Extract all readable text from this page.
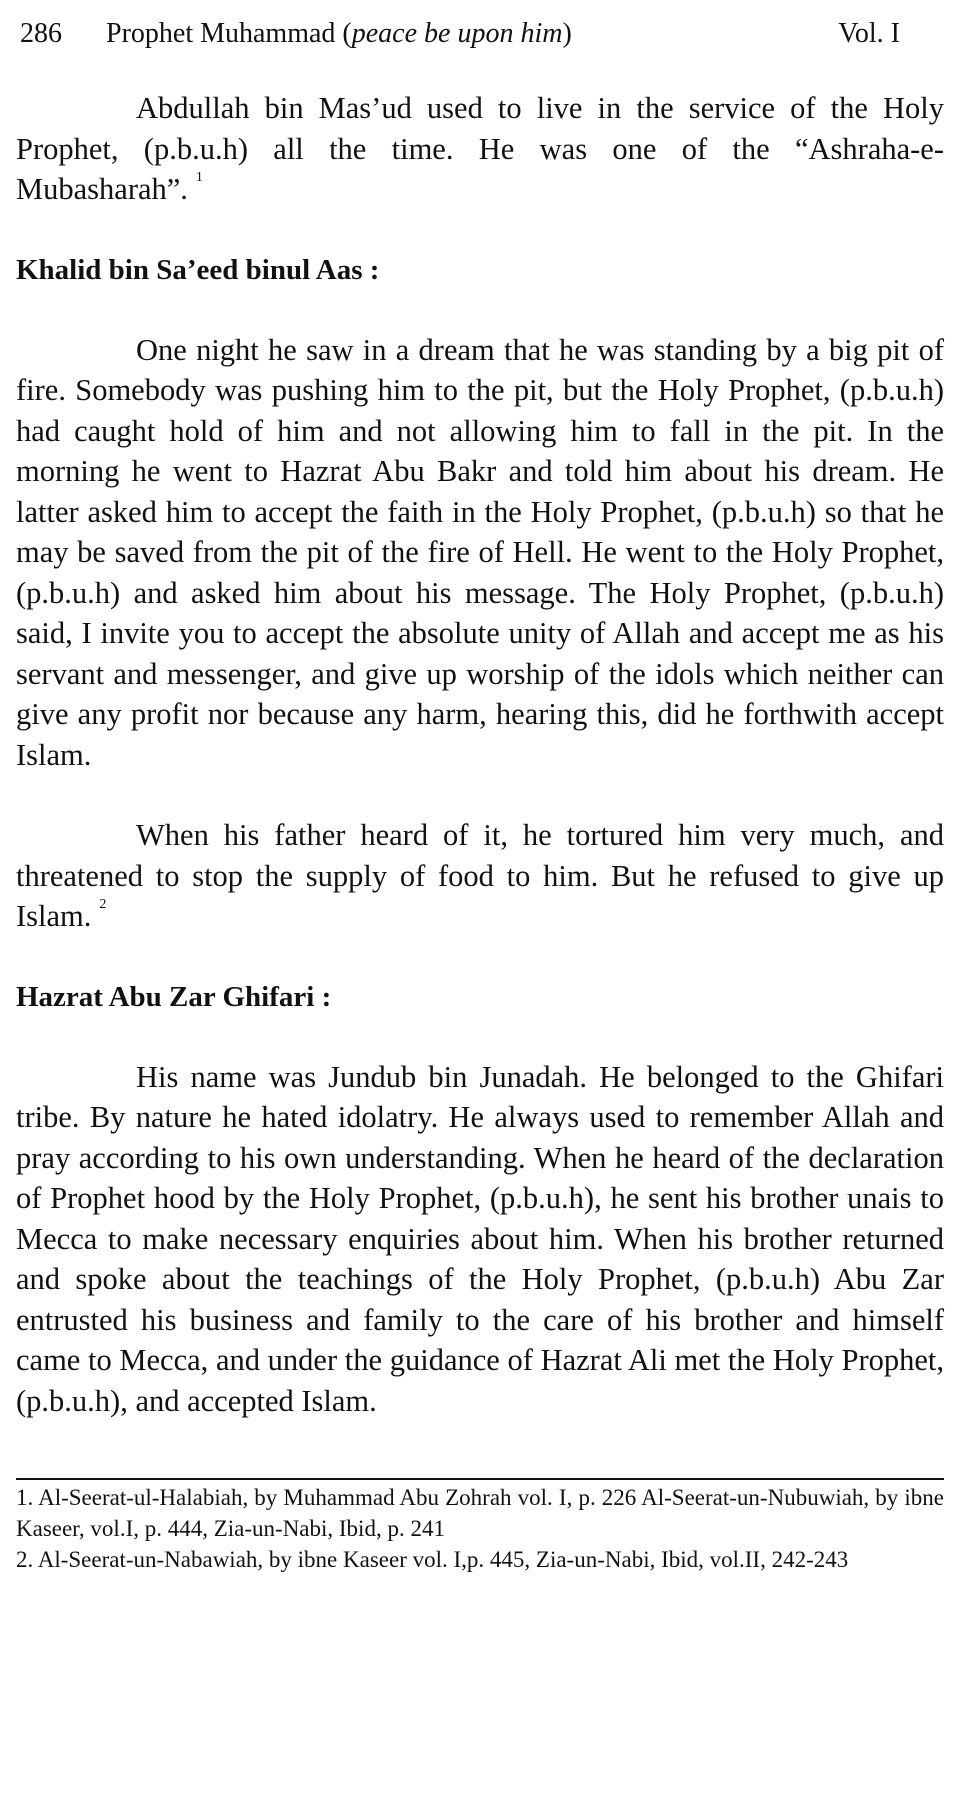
286 Prophet Muhammad (peace be upon him)	Vol. I

Abdullah bin Mas’ud used to live in the service of the Holy Prophet, (p.b.u.h) all the time. He was one of the “Ashraha-e-Mubasharah”. $^1$

Khalid bin Sa’eed binul Aas :

One night he saw in a dream that he was standing by a big pit of fire. Somebody was pushing him to the pit, but the Holy Prophet, (p.b.u.h) had caught hold of him and not allowing him to fall in the pit. In the morning he went to Hazrat Abu Bakr and told him about his dream. He latter asked him to accept the faith in the Holy Prophet, (p.b.u.h) so that he may be saved from the pit of the fire of Hell. He went to the Holy Prophet, (p.b.u.h) and asked him about his message. The Holy Prophet, (p.b.u.h) said, I invite you to accept the absolute unity of Allah and accept me as his servant and messenger, and give up worship of the idols which neither can give any profit nor because any harm, hearing this, did he forthwith accept Islam.

When his father heard of it, he tortured him very much, and threatened to stop the supply of food to him. But he refused to give up Islam. $^2$

Hazrat Abu Zar Ghifari :

His name was Jundub bin Junadah. He belonged to the Ghifari tribe. By nature he hated idolatry. He always used to remember Allah and pray according to his own understanding. When he heard of the declaration of Prophet hood by the Holy Prophet, (p.b.u.h), he sent his brother unais to Mecca to make necessary enquiries about him. When his brother returned and spoke about the teachings of the Holy Prophet, (p.b.u.h) Abu Zar entrusted his business and family to the care of his brother and himself came to Mecca, and under the guidance of Hazrat Ali met the Holy Prophet, (p.b.u.h), and accepted Islam.

1. Al-Seerat-ul-Halabiah, by Muhammad Abu Zohrah vol. I, p. 226 Al-Seerat-un-Nubuwiah, by ibne Kaseer, vol.I, p. 444, Zia-un-Nabi, Ibid, p. 241

2. Al-Seerat-un-Nabawiah, by ibne Kaseer vol. I,p. 445, Zia-un-Nabi, Ibid, vol.II, 242-243
